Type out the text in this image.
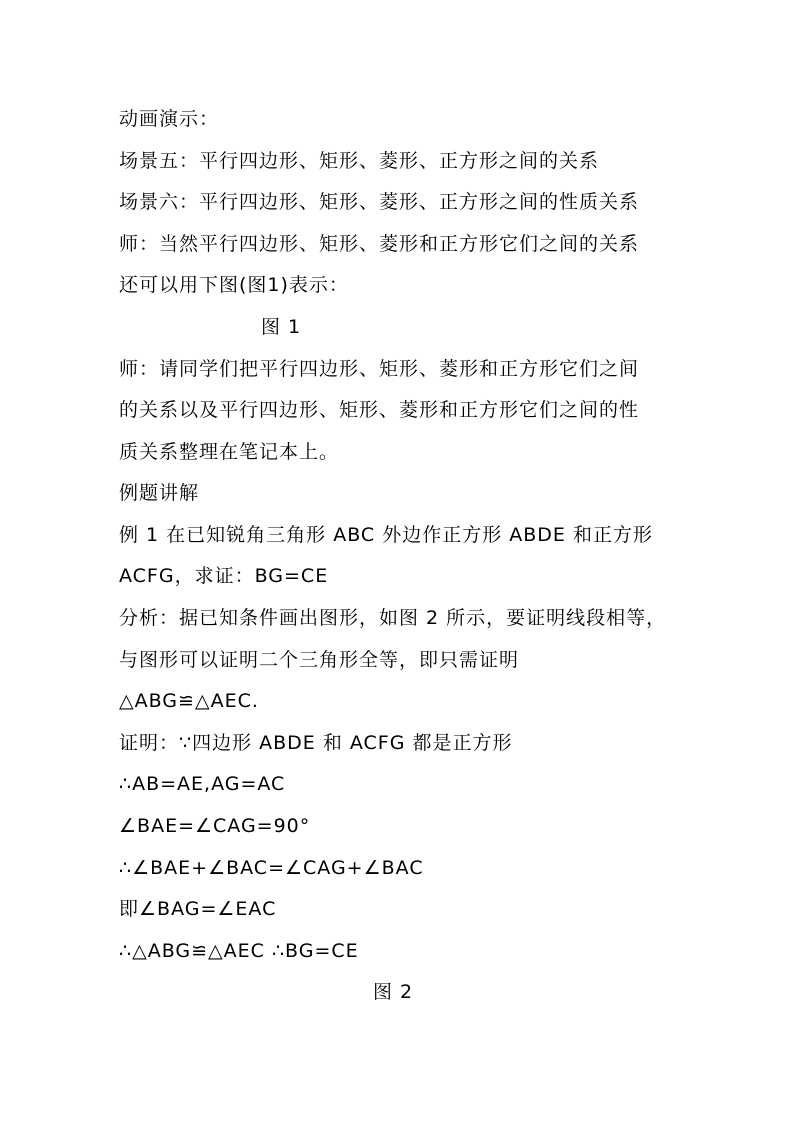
动画演示：
场景五：平行四边形、矩形、菱形、正方形之间的关系
场景六：平行四边形、矩形、菱形、正方形之间的性质关系
师：当然平行四边形、矩形、菱形和正方形它们之间的关系
还可以用下图(图1)表示：
图 1
师：请同学们把平行四边形、矩形、菱形和正方形它们之间
的关系以及平行四边形、矩形、菱形和正方形它们之间的性
质关系整理在笔记本上。
例题讲解
例 1 在已知锐角三角形 ABC 外边作正方形 ABDE 和正方形
ACFG，求证：BG=CE
分析：据已知条件画出图形，如图 2 所示，要证明线段相等，
与图形可以证明二个三角形全等，即只需证明
△ABG≌△AEC.
证明：∵四边形 ABDE 和 ACFG 都是正方形
∴AB=AE,AG=AC
∠BAE=∠CAG=90°
∴∠BAE+∠BAC=∠CAG+∠BAC
即∠BAG=∠EAC
∴△ABG≌△AEC ∴BG=CE
图 2
